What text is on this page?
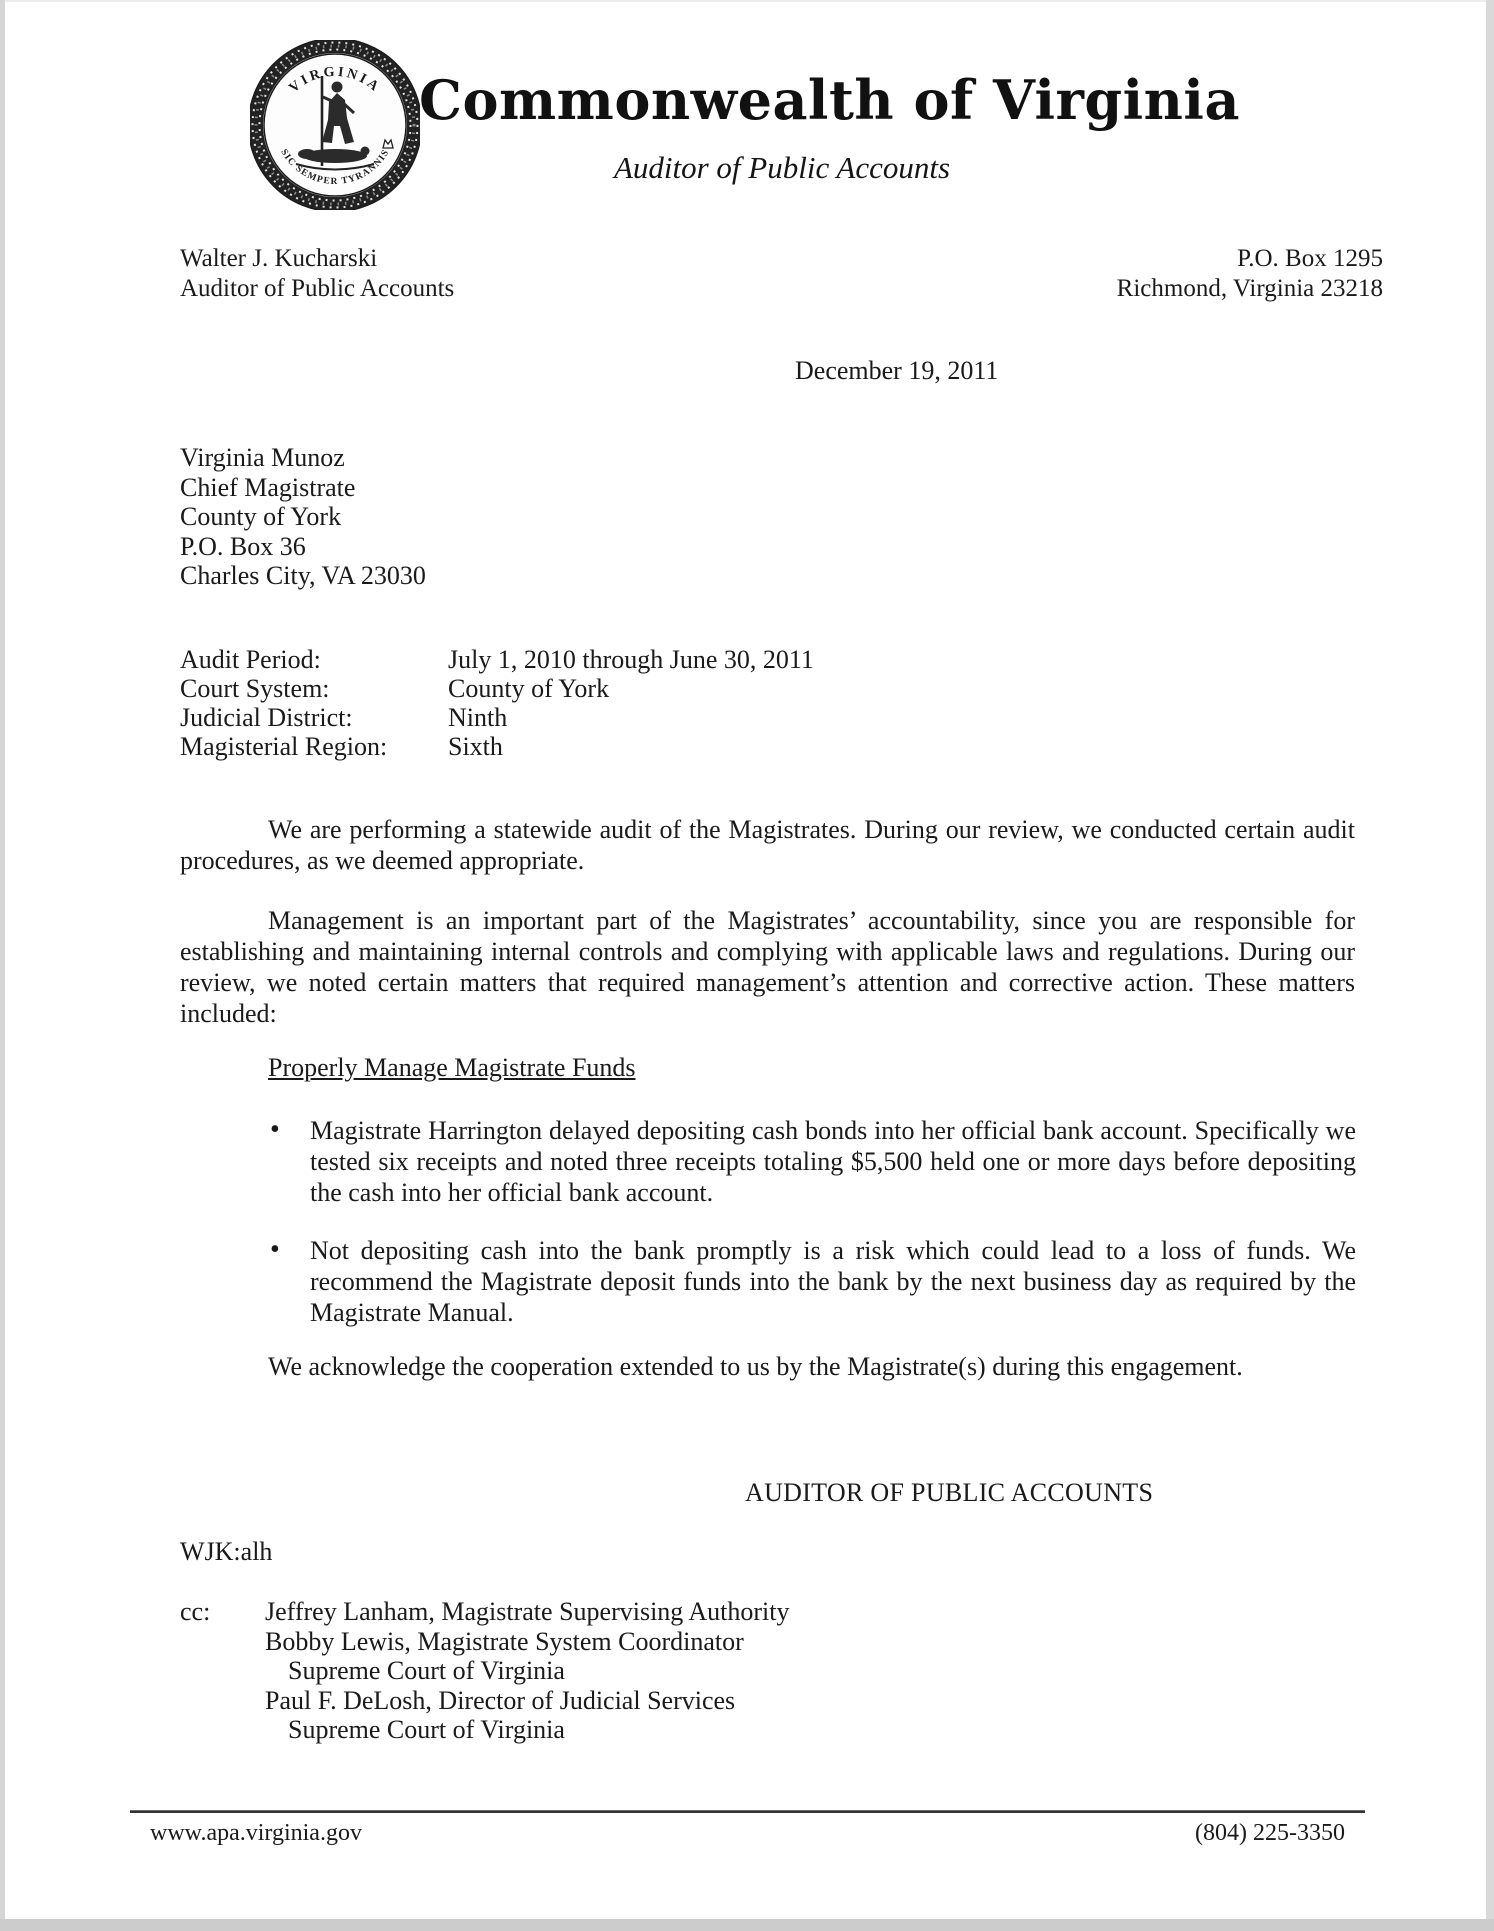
VIRGINIA
SIC SEMPER TYRANNIS
Commonwealth of Virginia
Auditor of Public Accounts
Walter J. Kucharski
Auditor of Public Accounts
P.O. Box 1295
Richmond, Virginia 23218
December 19, 2011
Virginia Munoz
Chief Magistrate
County of York
P.O. Box 36
Charles City, VA 23030
Audit Period:	July 1, 2010 through June 30, 2011
Court System:	County of York
Judicial District:	Ninth
Magisterial Region:	Sixth
We are performing a statewide audit of the Magistrates. During our review, we conducted certain audit procedures, as we deemed appropriate.
Management is an important part of the Magistrates’ accountability, since you are responsible for establishing and maintaining internal controls and complying with applicable laws and regulations. During our review, we noted certain matters that required management’s attention and corrective action. These matters included:
Properly Manage Magistrate Funds
• Magistrate Harrington delayed depositing cash bonds into her official bank account. Specifically we tested six receipts and noted three receipts totaling $5,500 held one or more days before depositing the cash into her official bank account.
• Not depositing cash into the bank promptly is a risk which could lead to a loss of funds. We recommend the Magistrate deposit funds into the bank by the next business day as required by the Magistrate Manual.
We acknowledge the cooperation extended to us by the Magistrate(s) during this engagement.
AUDITOR OF PUBLIC ACCOUNTS
WJK:alh
cc:	Jeffrey Lanham, Magistrate Supervising Authority
Bobby Lewis, Magistrate System Coordinator
Supreme Court of Virginia
Paul F. DeLosh, Director of Judicial Services
Supreme Court of Virginia
www.apa.virginia.gov	(804) 225-3350
